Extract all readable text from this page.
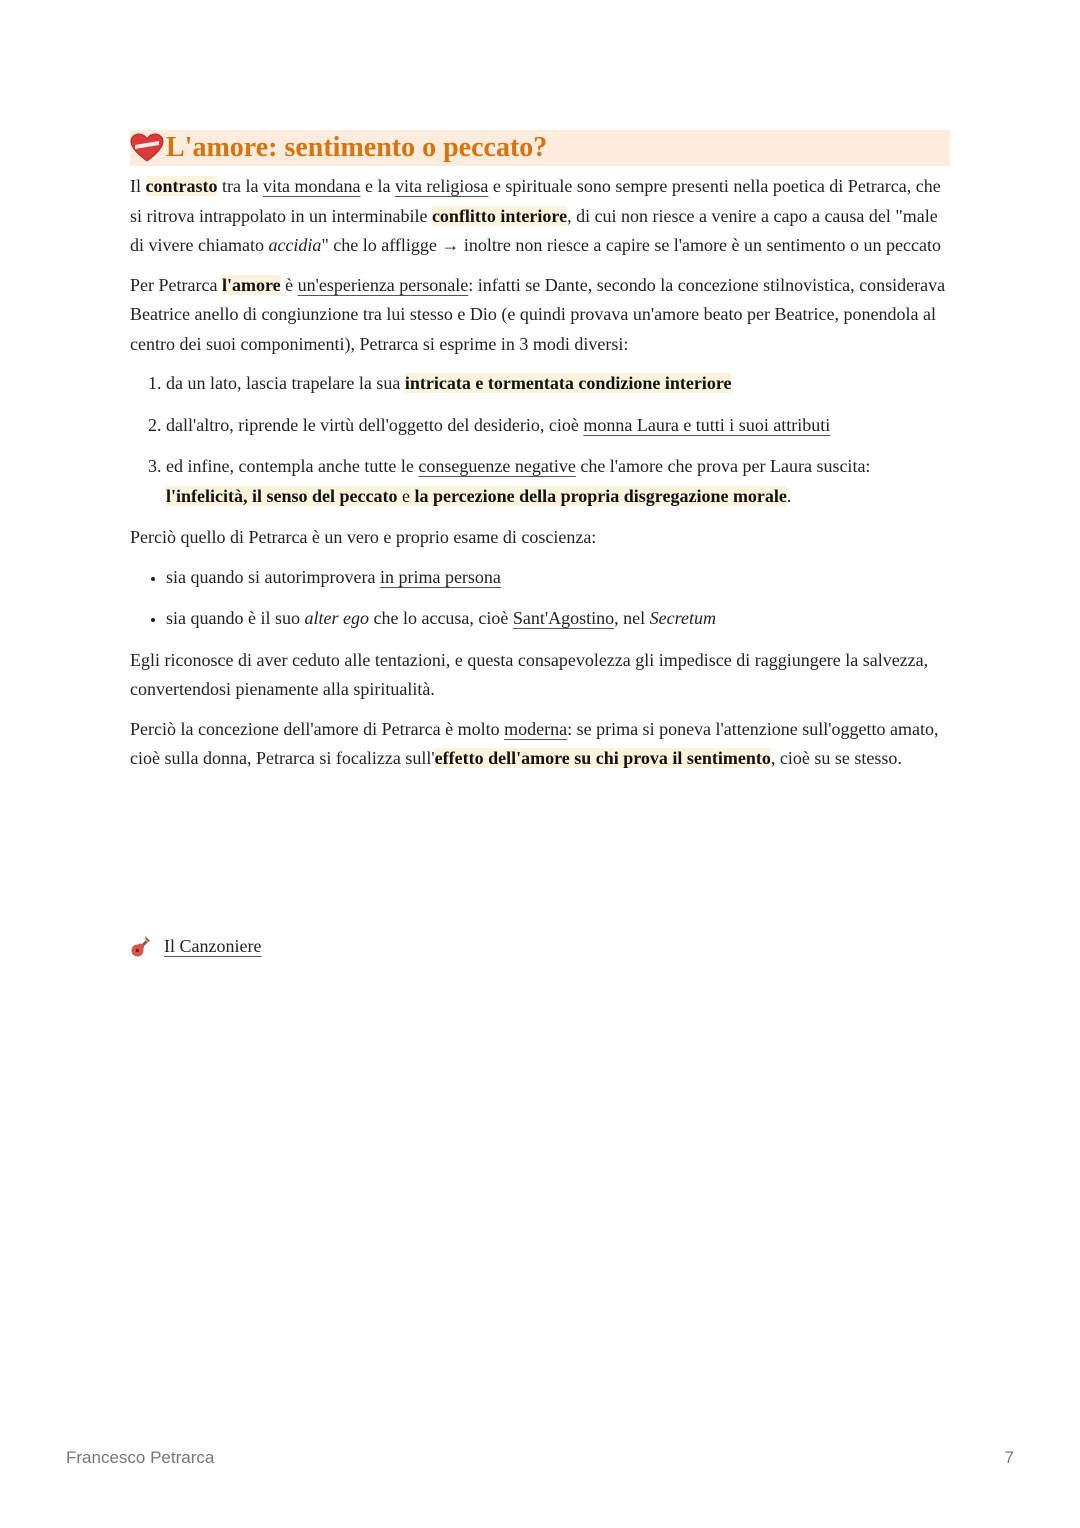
L'amore: sentimento o peccato?

Il contrasto tra la vita mondana e la vita religiosa e spirituale sono sempre presenti nella poetica di Petrarca, che si ritrova intrappolato in un interminabile conflitto interiore, di cui non riesce a venire a capo a causa del "male di vivere chiamato accidia" che lo affligge → inoltre non riesce a capire se l'amore è un sentimento o un peccato

Per Petrarca l'amore è un'esperienza personale: infatti se Dante, secondo la concezione stilnovistica, considerava Beatrice anello di congiunzione tra lui stesso e Dio (e quindi provava un'amore beato per Beatrice, ponendola al centro dei suoi componimenti), Petrarca si esprime in 3 modi diversi:

1. da un lato, lascia trapelare la sua intricata e tormentata condizione interiore
2. dall'altro, riprende le virtù dell'oggetto del desiderio, cioè monna Laura e tutti i suoi attributi
3. ed infine, contempla anche tutte le conseguenze negative che l'amore che prova per Laura suscita: l'infelicità, il senso del peccato e la percezione della propria disgregazione morale.

Perciò quello di Petrarca è un vero e proprio esame di coscienza:

• sia quando si autorimprovera in prima persona
• sia quando è il suo alter ego che lo accusa, cioè Sant'Agostino, nel Secretum

Egli riconosce di aver ceduto alle tentazioni, e questa consapevolezza gli impedisce di raggiungere la salvezza, convertendosi pienamente alla spiritualità.

Perciò la concezione dell'amore di Petrarca è molto moderna: se prima si poneva l'attenzione sull'oggetto amato, cioè sulla donna, Petrarca si focalizza sull'effetto dell'amore su chi prova il sentimento, cioè su se stesso.

Il Canzoniere
Francesco Petrarca	7
